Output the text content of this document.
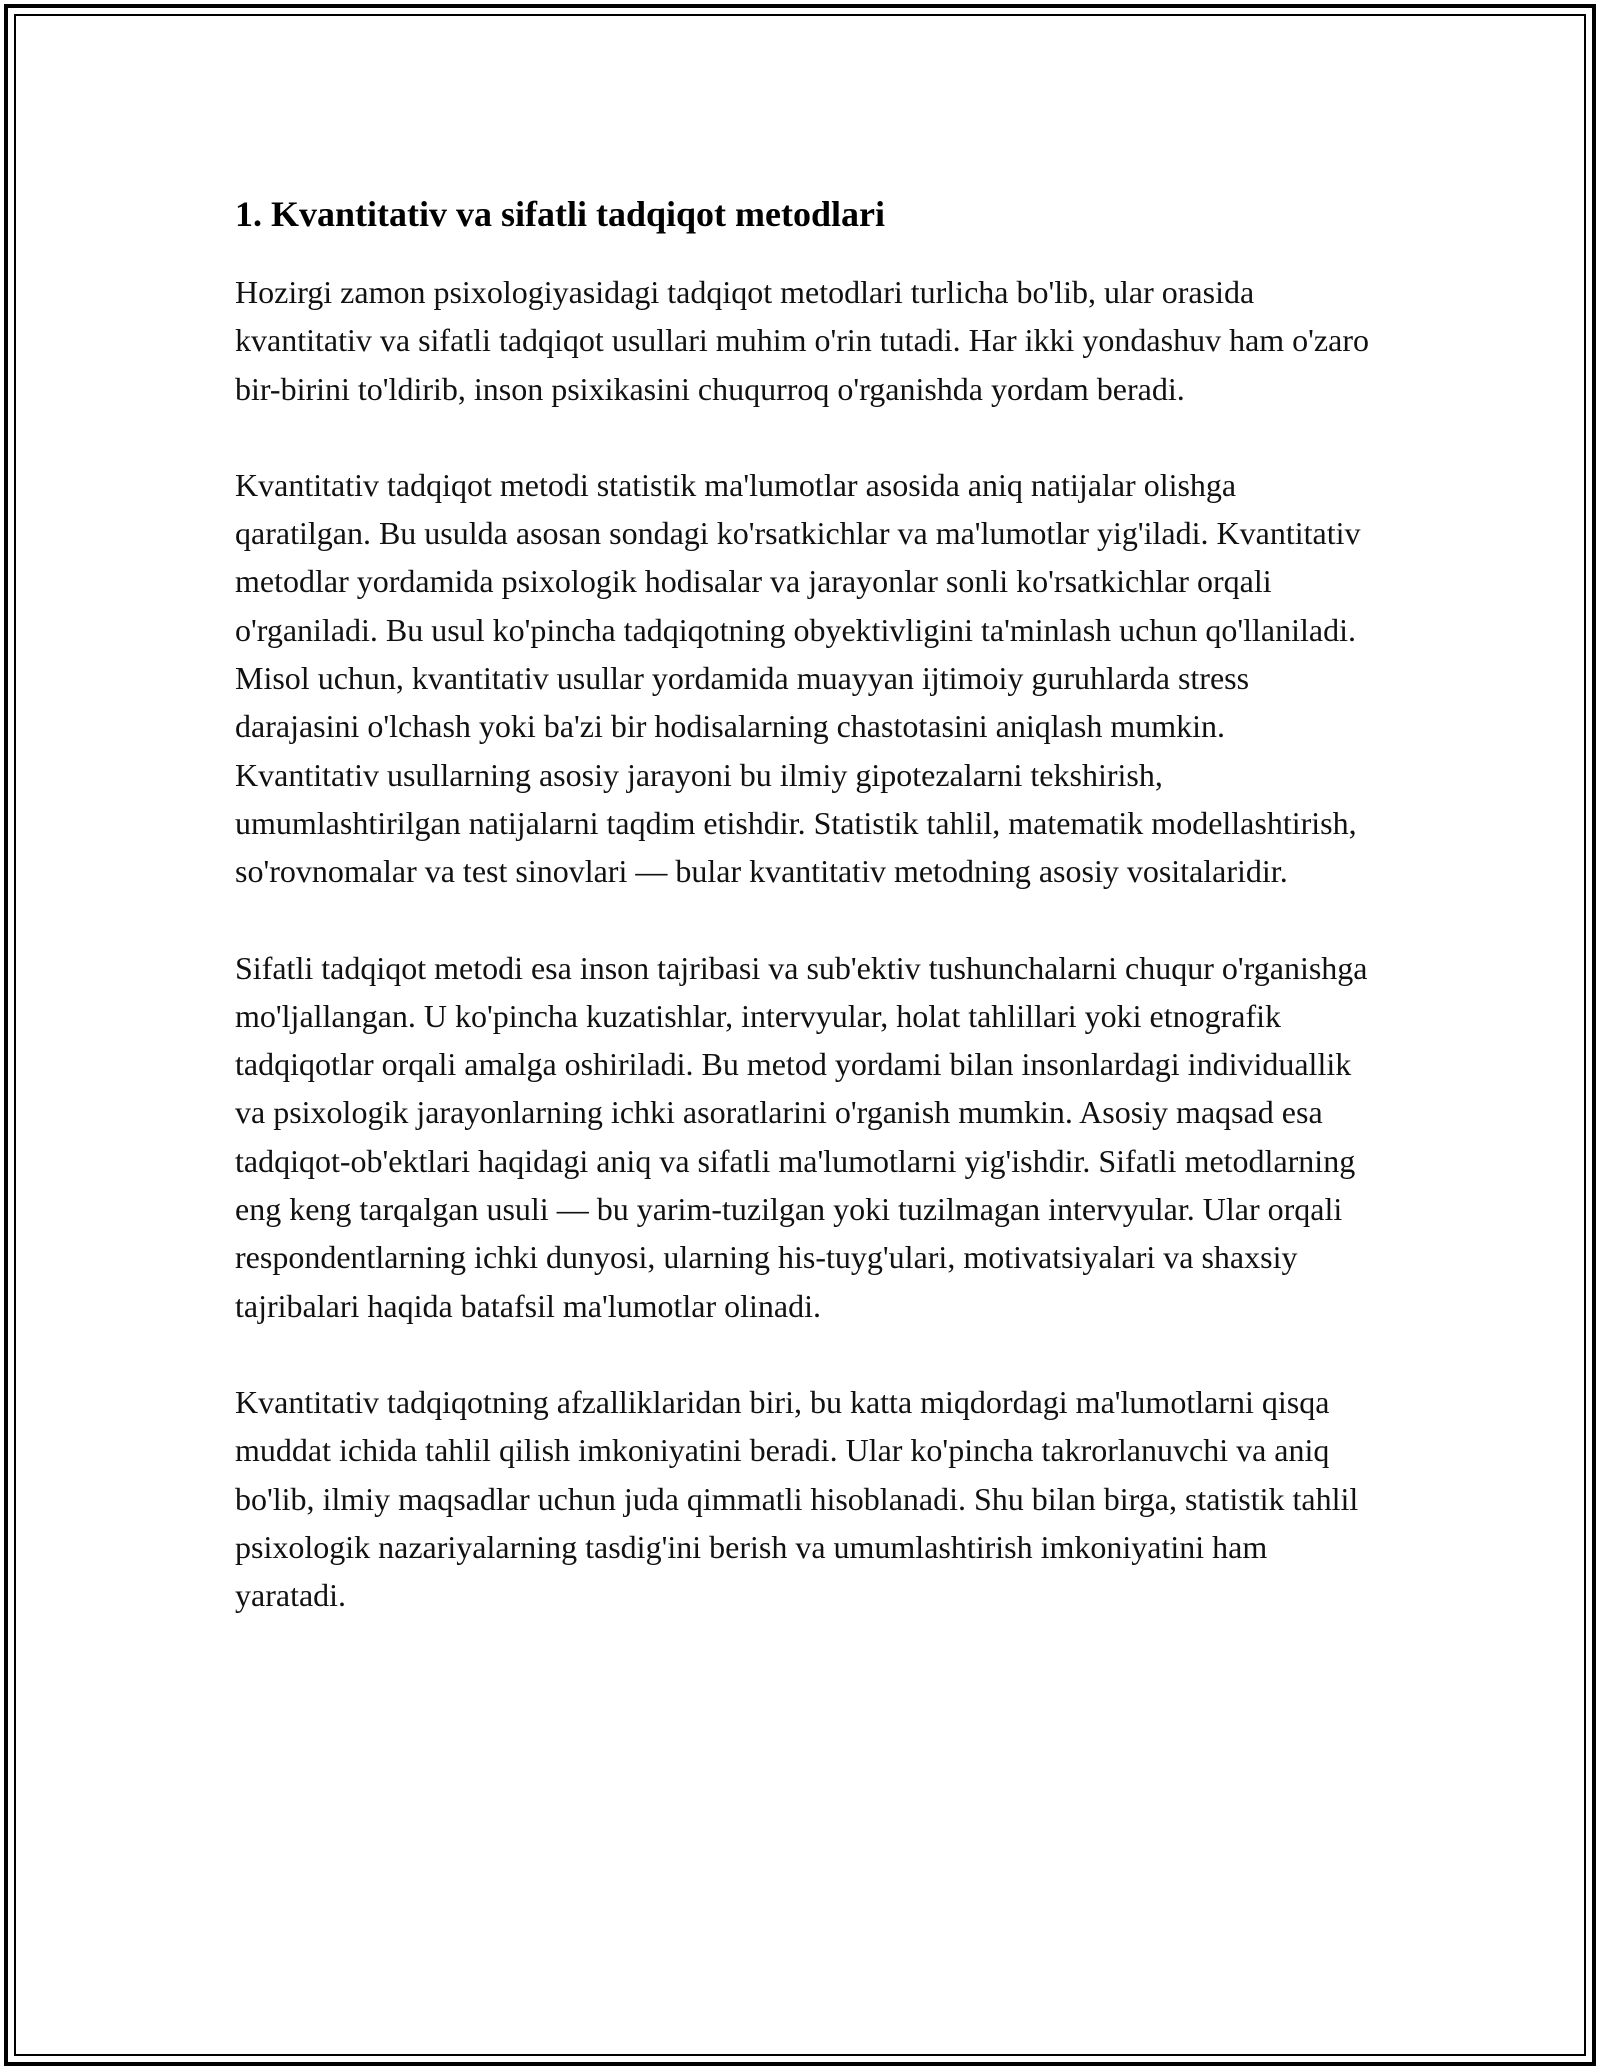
1. Kvantitativ va sifatli tadqiqot metodlari

Hozirgi zamon psixologiyasidagi tadqiqot metodlari turlicha bo'lib, ular orasida kvantitativ va sifatli tadqiqot usullari muhim o'rin tutadi. Har ikki yondashuv ham o'zaro bir-birini to'ldirib, inson psixikasini chuqurroq o'rganishda yordam beradi.

Kvantitativ tadqiqot metodi statistik ma'lumotlar asosida aniq natijalar olishga qaratilgan. Bu usulda asosan sondagi ko'rsatkichlar va ma'lumotlar yig'iladi. Kvantitativ metodlar yordamida psixologik hodisalar va jarayonlar sonli ko'rsatkichlar orqali o'rganiladi. Bu usul ko'pincha tadqiqotning obyektivligini ta'minlash uchun qo'llaniladi. Misol uchun, kvantitativ usullar yordamida muayyan ijtimoiy guruhlarda stress darajasini o'lchash yoki ba'zi bir hodisalarning chastotasini aniqlash mumkin. Kvantitativ usullarning asosiy jarayoni bu ilmiy gipotezalarni tekshirish, umumlashtirilgan natijalarni taqdim etishdir. Statistik tahlil, matematik modellashtirish, so'rovnomalar va test sinovlari — bular kvantitativ metodning asosiy vositalaridir.

Sifatli tadqiqot metodi esa inson tajribasi va sub'ektiv tushunchalarni chuqur o'rganishga mo'ljallangan. U ko'pincha kuzatishlar, intervyular, holat tahlillari yoki etnografik tadqiqotlar orqali amalga oshiriladi. Bu metod yordami bilan insonlardagi individuallik va psixologik jarayonlarning ichki asoratlarini o'rganish mumkin. Asosiy maqsad esa tadqiqot-ob'ektlari haqidagi aniq va sifatli ma'lumotlarni yig'ishdir. Sifatli metodlarning eng keng tarqalgan usuli — bu yarim-tuzilgan yoki tuzilmagan intervyular. Ular orqali respondentlarning ichki dunyosi, ularning his-tuyg'ulari, motivatsiyalari va shaxsiy tajribalari haqida batafsil ma'lumotlar olinadi.

Kvantitativ tadqiqotning afzalliklaridan biri, bu katta miqdordagi ma'lumotlarni qisqa muddat ichida tahlil qilish imkoniyatini beradi. Ular ko'pincha takrorlanuvchi va aniq bo'lib, ilmiy maqsadlar uchun juda qimmatli hisoblanadi. Shu bilan birga, statistik tahlil psixologik nazariyalarning tasdig'ini berish va umumlashtirish imkoniyatini ham yaratadi.
